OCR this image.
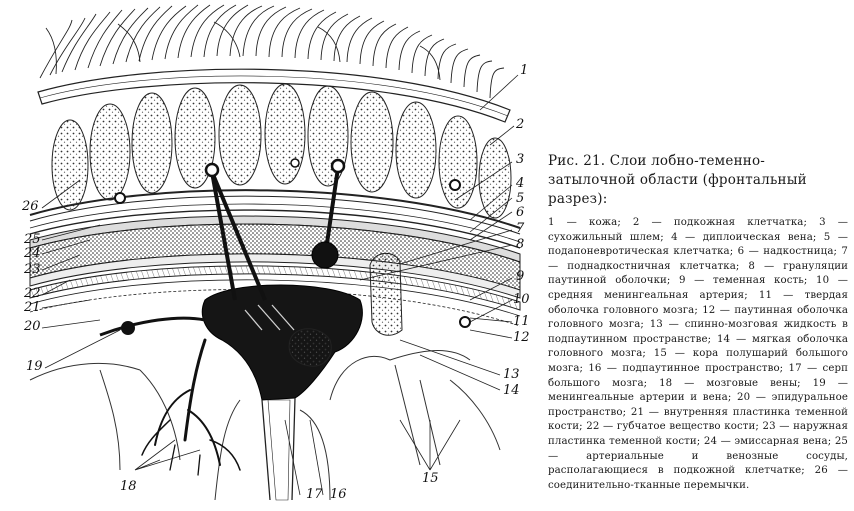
1
2
3
4
5
6
7
8
9
10
11
12
13
14
15
16
17
18
19
20
21
22
23
24
25
26
Рис. 21. Слои лобно-теменно-затылочной области (фронтальный разрез):
1 — кожа; 2 — подкожная клетчатка; 3 — сухожильный шлем; 4 — диплоическая вена; 5 — подапоневротическая клетчатка; 6 — надкостница; 7 — поднадкостничная клетчатка; 8 — грануляции паутинной оболочки; 9 — теменная кость; 10 — средняя менингеальная артерия; 11 — твердая оболочка головного мозга; 12 — паутинная оболочка головного мозга; 13 — спинно-мозговая жидкость в подпаутинном пространстве; 14 — мягкая оболочка головного мозга; 15 — кора полушарий большого мозга; 16 — подпаутинное пространство; 17 — серп большого мозга; 18 — мозговые вены; 19 — менингеальные артерии и вена; 20 — эпидуральное пространство; 21 — внутренняя пластинка теменной кости; 22 — губчатое вещество кости; 23 — наружная пластинка теменной кости; 24 — эмиссарная вена; 25 — артериальные и венозные сосуды, располагающиеся в подкожной клетчатке; 26 — соединительно-тканные перемычки.
